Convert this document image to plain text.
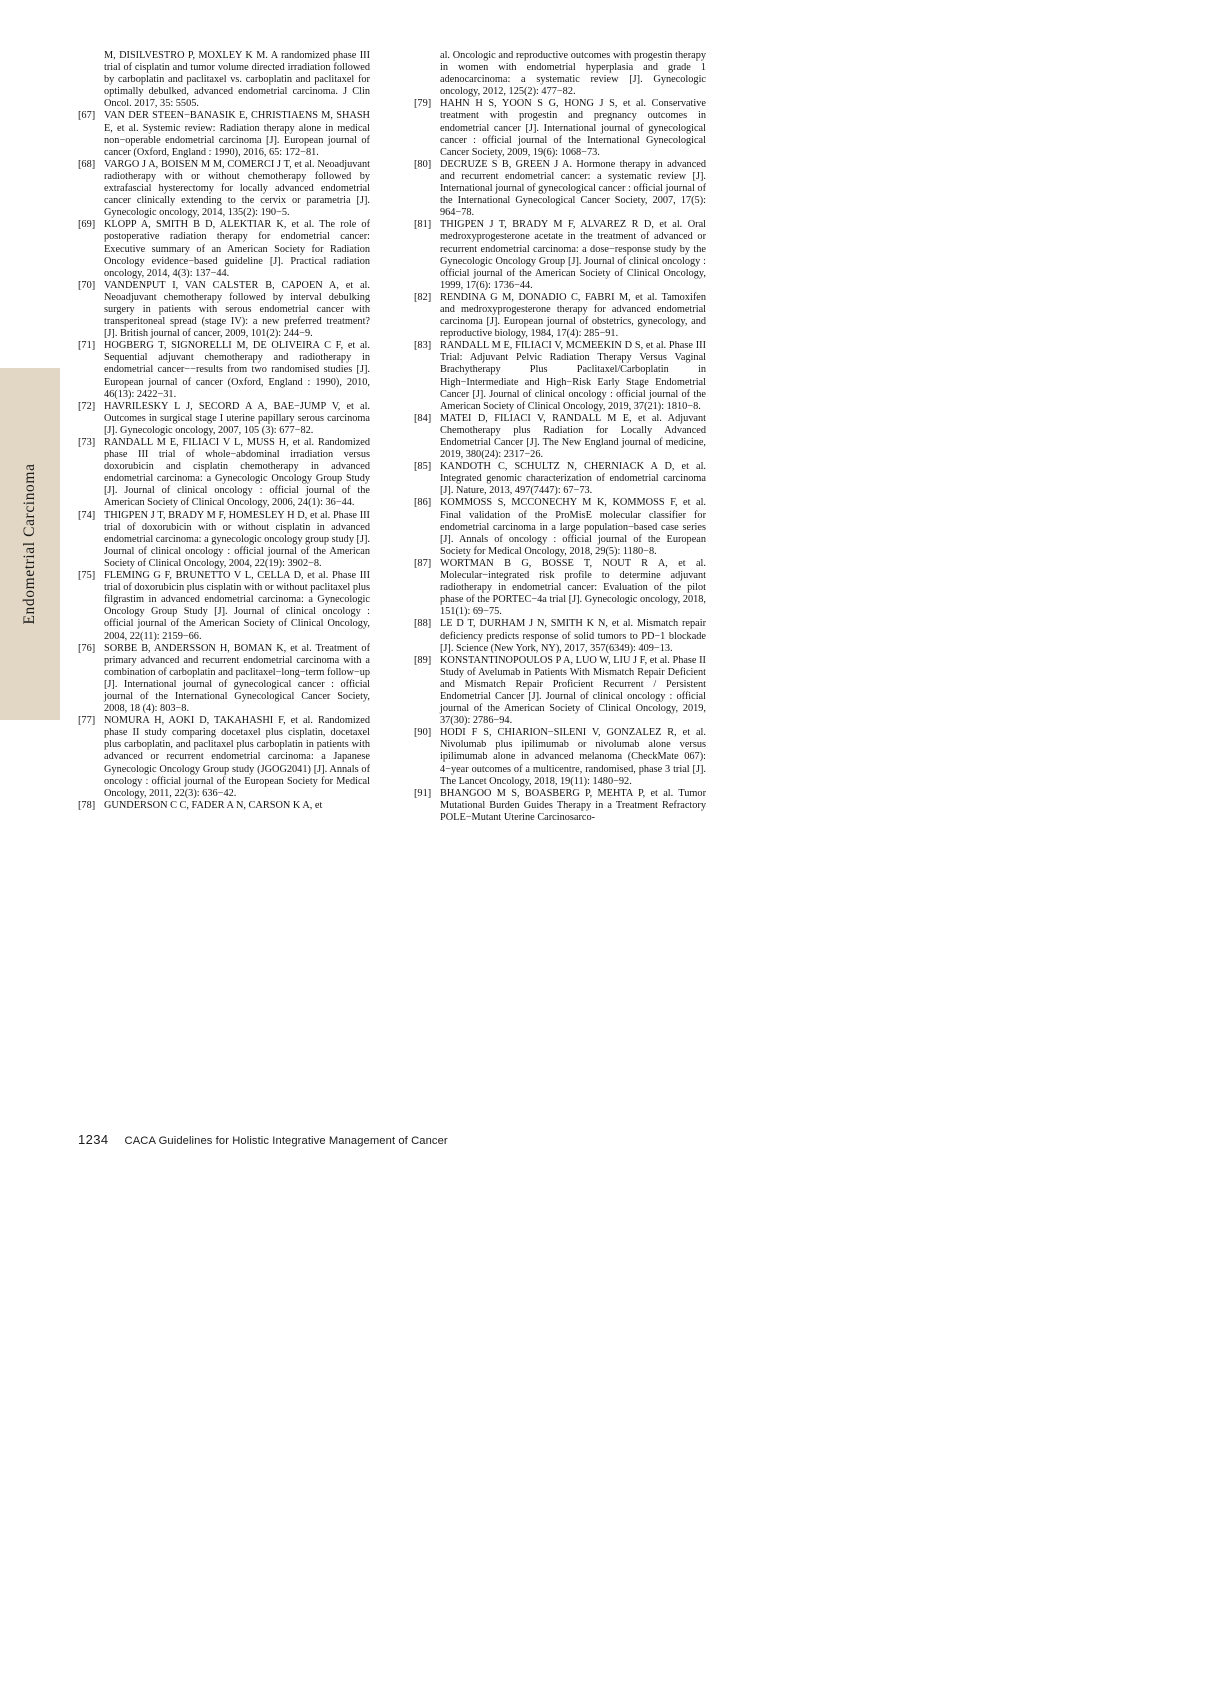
Endometrial Carcinoma
M, DISILVESTRO P, MOXLEY K M. A randomized phase III trial of cisplatin and tumor volume directed irradiation followed by carboplatin and paclitaxel vs. carboplatin and paclitaxel for optimally debulked, advanced endometrial carcinoma. J Clin Oncol. 2017, 35: 5505.
[67] VAN DER STEEN−BANASIK E, CHRISTIAENS M, SHASH E, et al. Systemic review: Radiation therapy alone in medical non−operable endometrial carcinoma [J]. European journal of cancer (Oxford, England : 1990), 2016, 65: 172−81.
[68] VARGO J A, BOISEN M M, COMERCI J T, et al. Neoadjuvant radiotherapy with or without chemotherapy followed by extrafascial hysterectomy for locally advanced endometrial cancer clinically extending to the cervix or parametria [J]. Gynecologic oncology, 2014, 135(2): 190−5.
[69] KLOPP A, SMITH B D, ALEKTIAR K, et al. The role of postoperative radiation therapy for endometrial cancer: Executive summary of an American Society for Radiation Oncology evidence−based guideline [J]. Practical radiation oncology, 2014, 4(3): 137−44.
[70] VANDENPUT I, VAN CALSTER B, CAPOEN A, et al. Neoadjuvant chemotherapy followed by interval debulking surgery in patients with serous endometrial cancer with transperitoneal spread (stage IV): a new preferred treatment? [J]. British journal of cancer, 2009, 101(2): 244−9.
[71] HOGBERG T, SIGNORELLI M, DE OLIVEIRA C F, et al. Sequential adjuvant chemotherapy and radiotherapy in endometrial cancer−−results from two randomised studies [J]. European journal of cancer (Oxford, England : 1990), 2010, 46(13): 2422−31.
[72] HAVRILESKY L J, SECORD A A, BAE−JUMP V, et al. Outcomes in surgical stage I uterine papillary serous carcinoma [J]. Gynecologic oncology, 2007, 105 (3): 677−82.
[73] RANDALL M E, FILIACI V L, MUSS H, et al. Randomized phase III trial of whole−abdominal irradiation versus doxorubicin and cisplatin chemotherapy in advanced endometrial carcinoma: a Gynecologic Oncology Group Study [J]. Journal of clinical oncology : official journal of the American Society of Clinical Oncology, 2006, 24(1): 36−44.
[74] THIGPEN J T, BRADY M F, HOMESLEY H D, et al. Phase III trial of doxorubicin with or without cisplatin in advanced endometrial carcinoma: a gynecologic oncology group study [J]. Journal of clinical oncology : official journal of the American Society of Clinical Oncology, 2004, 22(19): 3902−8.
[75] FLEMING G F, BRUNETTO V L, CELLA D, et al. Phase III trial of doxorubicin plus cisplatin with or without paclitaxel plus filgrastim in advanced endometrial carcinoma: a Gynecologic Oncology Group Study [J]. Journal of clinical oncology : official journal of the American Society of Clinical Oncology, 2004, 22(11): 2159−66.
[76] SORBE B, ANDERSSON H, BOMAN K, et al. Treatment of primary advanced and recurrent endometrial carcinoma with a combination of carboplatin and paclitaxel−long−term follow−up [J]. International journal of gynecological cancer : official journal of the International Gynecological Cancer Society, 2008, 18 (4): 803−8.
[77] NOMURA H, AOKI D, TAKAHASHI F, et al. Randomized phase II study comparing docetaxel plus cisplatin, docetaxel plus carboplatin, and paclitaxel plus carboplatin in patients with advanced or recurrent endometrial carcinoma: a Japanese Gynecologic Oncology Group study (JGOG2041) [J]. Annals of oncology : official journal of the European Society for Medical Oncology, 2011, 22(3): 636−42.
[78] GUNDERSON C C, FADER A N, CARSON K A, et
al. Oncologic and reproductive outcomes with progestin therapy in women with endometrial hyperplasia and grade 1 adenocarcinoma: a systematic review [J]. Gynecologic oncology, 2012, 125(2): 477−82.
[79] HAHN H S, YOON S G, HONG J S, et al. Conservative treatment with progestin and pregnancy outcomes in endometrial cancer [J]. International journal of gynecological cancer : official journal of the International Gynecological Cancer Society, 2009, 19(6): 1068−73.
[80] DECRUZE S B, GREEN J A. Hormone therapy in advanced and recurrent endometrial cancer: a systematic review [J]. International journal of gynecological cancer : official journal of the International Gynecological Cancer Society, 2007, 17(5): 964−78.
[81] THIGPEN J T, BRADY M F, ALVAREZ R D, et al. Oral medroxyprogesterone acetate in the treatment of advanced or recurrent endometrial carcinoma: a dose−response study by the Gynecologic Oncology Group [J]. Journal of clinical oncology : official journal of the American Society of Clinical Oncology, 1999, 17(6): 1736−44.
[82] RENDINA G M, DONADIO C, FABRI M, et al. Tamoxifen and medroxyprogesterone therapy for advanced endometrial carcinoma [J]. European journal of obstetrics, gynecology, and reproductive biology, 1984, 17(4): 285−91.
[83] RANDALL M E, FILIACI V, MCMEEKIN D S, et al. Phase III Trial: Adjuvant Pelvic Radiation Therapy Versus Vaginal Brachytherapy Plus Paclitaxel/Carboplatin in High−Intermediate and High−Risk Early Stage Endometrial Cancer [J]. Journal of clinical oncology : official journal of the American Society of Clinical Oncology, 2019, 37(21): 1810−8.
[84] MATEI D, FILIACI V, RANDALL M E, et al. Adjuvant Chemotherapy plus Radiation for Locally Advanced Endometrial Cancer [J]. The New England journal of medicine, 2019, 380(24): 2317−26.
[85] KANDOTH C, SCHULTZ N, CHERNIACK A D, et al. Integrated genomic characterization of endometrial carcinoma [J]. Nature, 2013, 497(7447): 67−73.
[86] KOMMOSS S, MCCONECHY M K, KOMMOSS F, et al. Final validation of the ProMisE molecular classifier for endometrial carcinoma in a large population−based case series [J]. Annals of oncology : official journal of the European Society for Medical Oncology, 2018, 29(5): 1180−8.
[87] WORTMAN B G, BOSSE T, NOUT R A, et al. Molecular−integrated risk profile to determine adjuvant radiotherapy in endometrial cancer: Evaluation of the pilot phase of the PORTEC−4a trial [J]. Gynecologic oncology, 2018, 151(1): 69−75.
[88] LE D T, DURHAM J N, SMITH K N, et al. Mismatch repair deficiency predicts response of solid tumors to PD−1 blockade [J]. Science (New York, NY), 2017, 357(6349): 409−13.
[89] KONSTANTINOPOULOS P A, LUO W, LIU J F, et al. Phase II Study of Avelumab in Patients With Mismatch Repair Deficient and Mismatch Repair Proficient Recurrent / Persistent Endometrial Cancer [J]. Journal of clinical oncology : official journal of the American Society of Clinical Oncology, 2019, 37(30): 2786−94.
[90] HODI F S, CHIARION−SILENI V, GONZALEZ R, et al. Nivolumab plus ipilimumab or nivolumab alone versus ipilimumab alone in advanced melanoma (CheckMate 067): 4−year outcomes of a multicentre, randomised, phase 3 trial [J]. The Lancet Oncology, 2018, 19(11): 1480−92.
[91] BHANGOO M S, BOASBERG P, MEHTA P, et al. Tumor Mutational Burden Guides Therapy in a Treatment Refractory POLE−Mutant Uterine Carcinosarco-
1234 CACA Guidelines for Holistic Integrative Management of Cancer
